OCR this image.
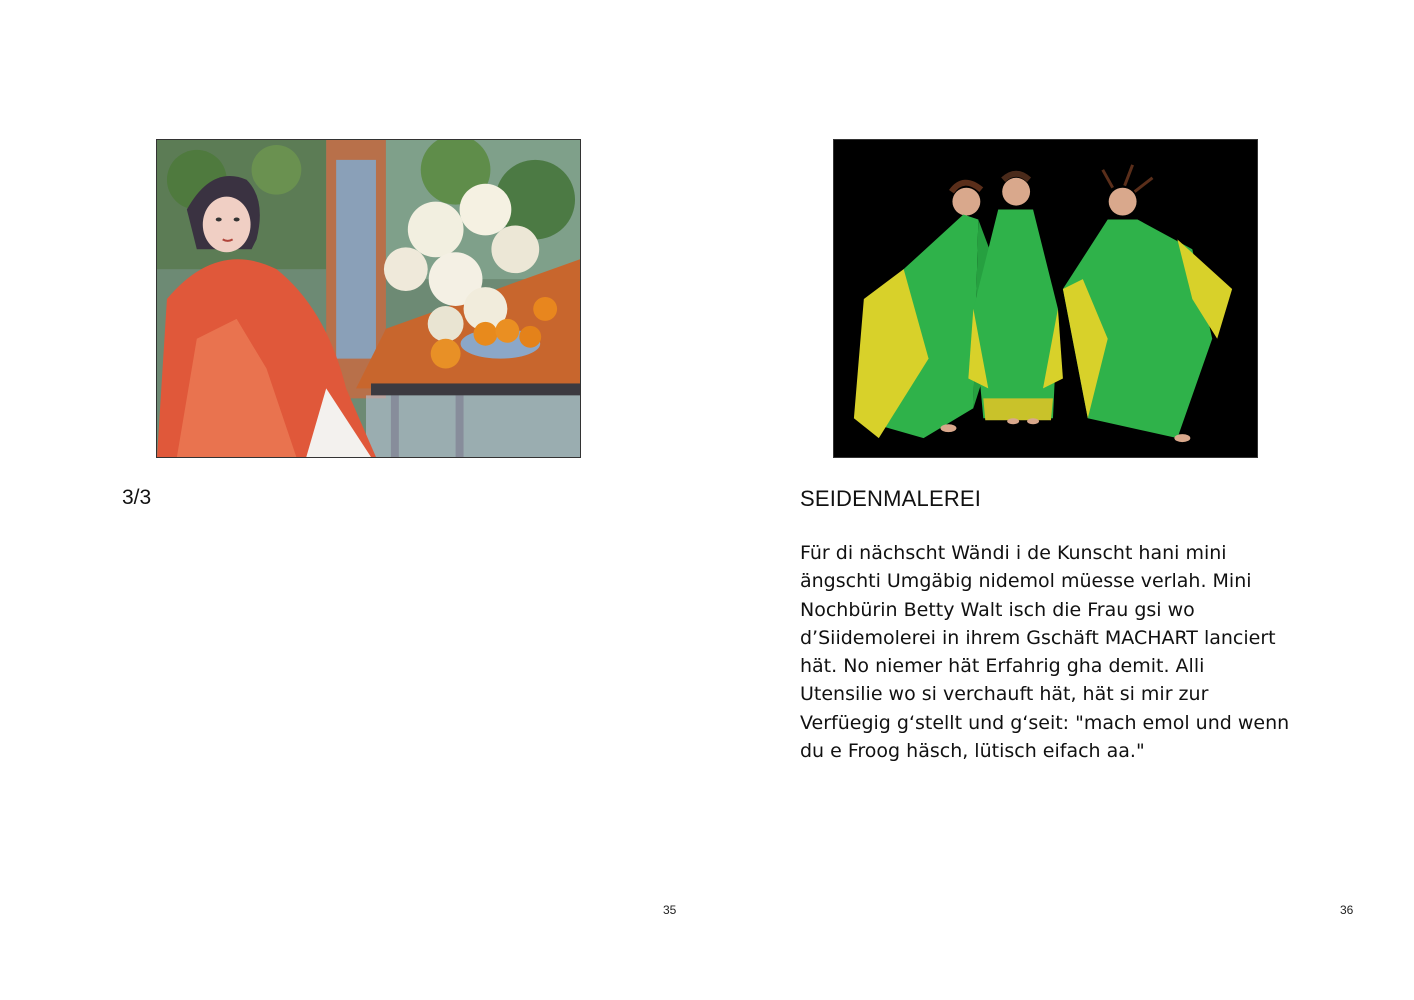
3/3
35
SEIDENMALEREI

Für di nächscht Wändi i de Kunscht hani mini
ängschti Umgäbig nidemol müesse verlah. Mini
Nochbürin Betty Walt isch die Frau gsi wo
d’Siidemolerei in ihrem Gschäft MACHART lanciert
hät. No niemer hät Erfahrig gha demit. Alli
Utensilie wo si verchauft hät, hät si mir zur
Verfüegig g‘stellt und g‘seit: "mach emol und wenn
du e Froog häsch, lütisch eifach aa."

36
